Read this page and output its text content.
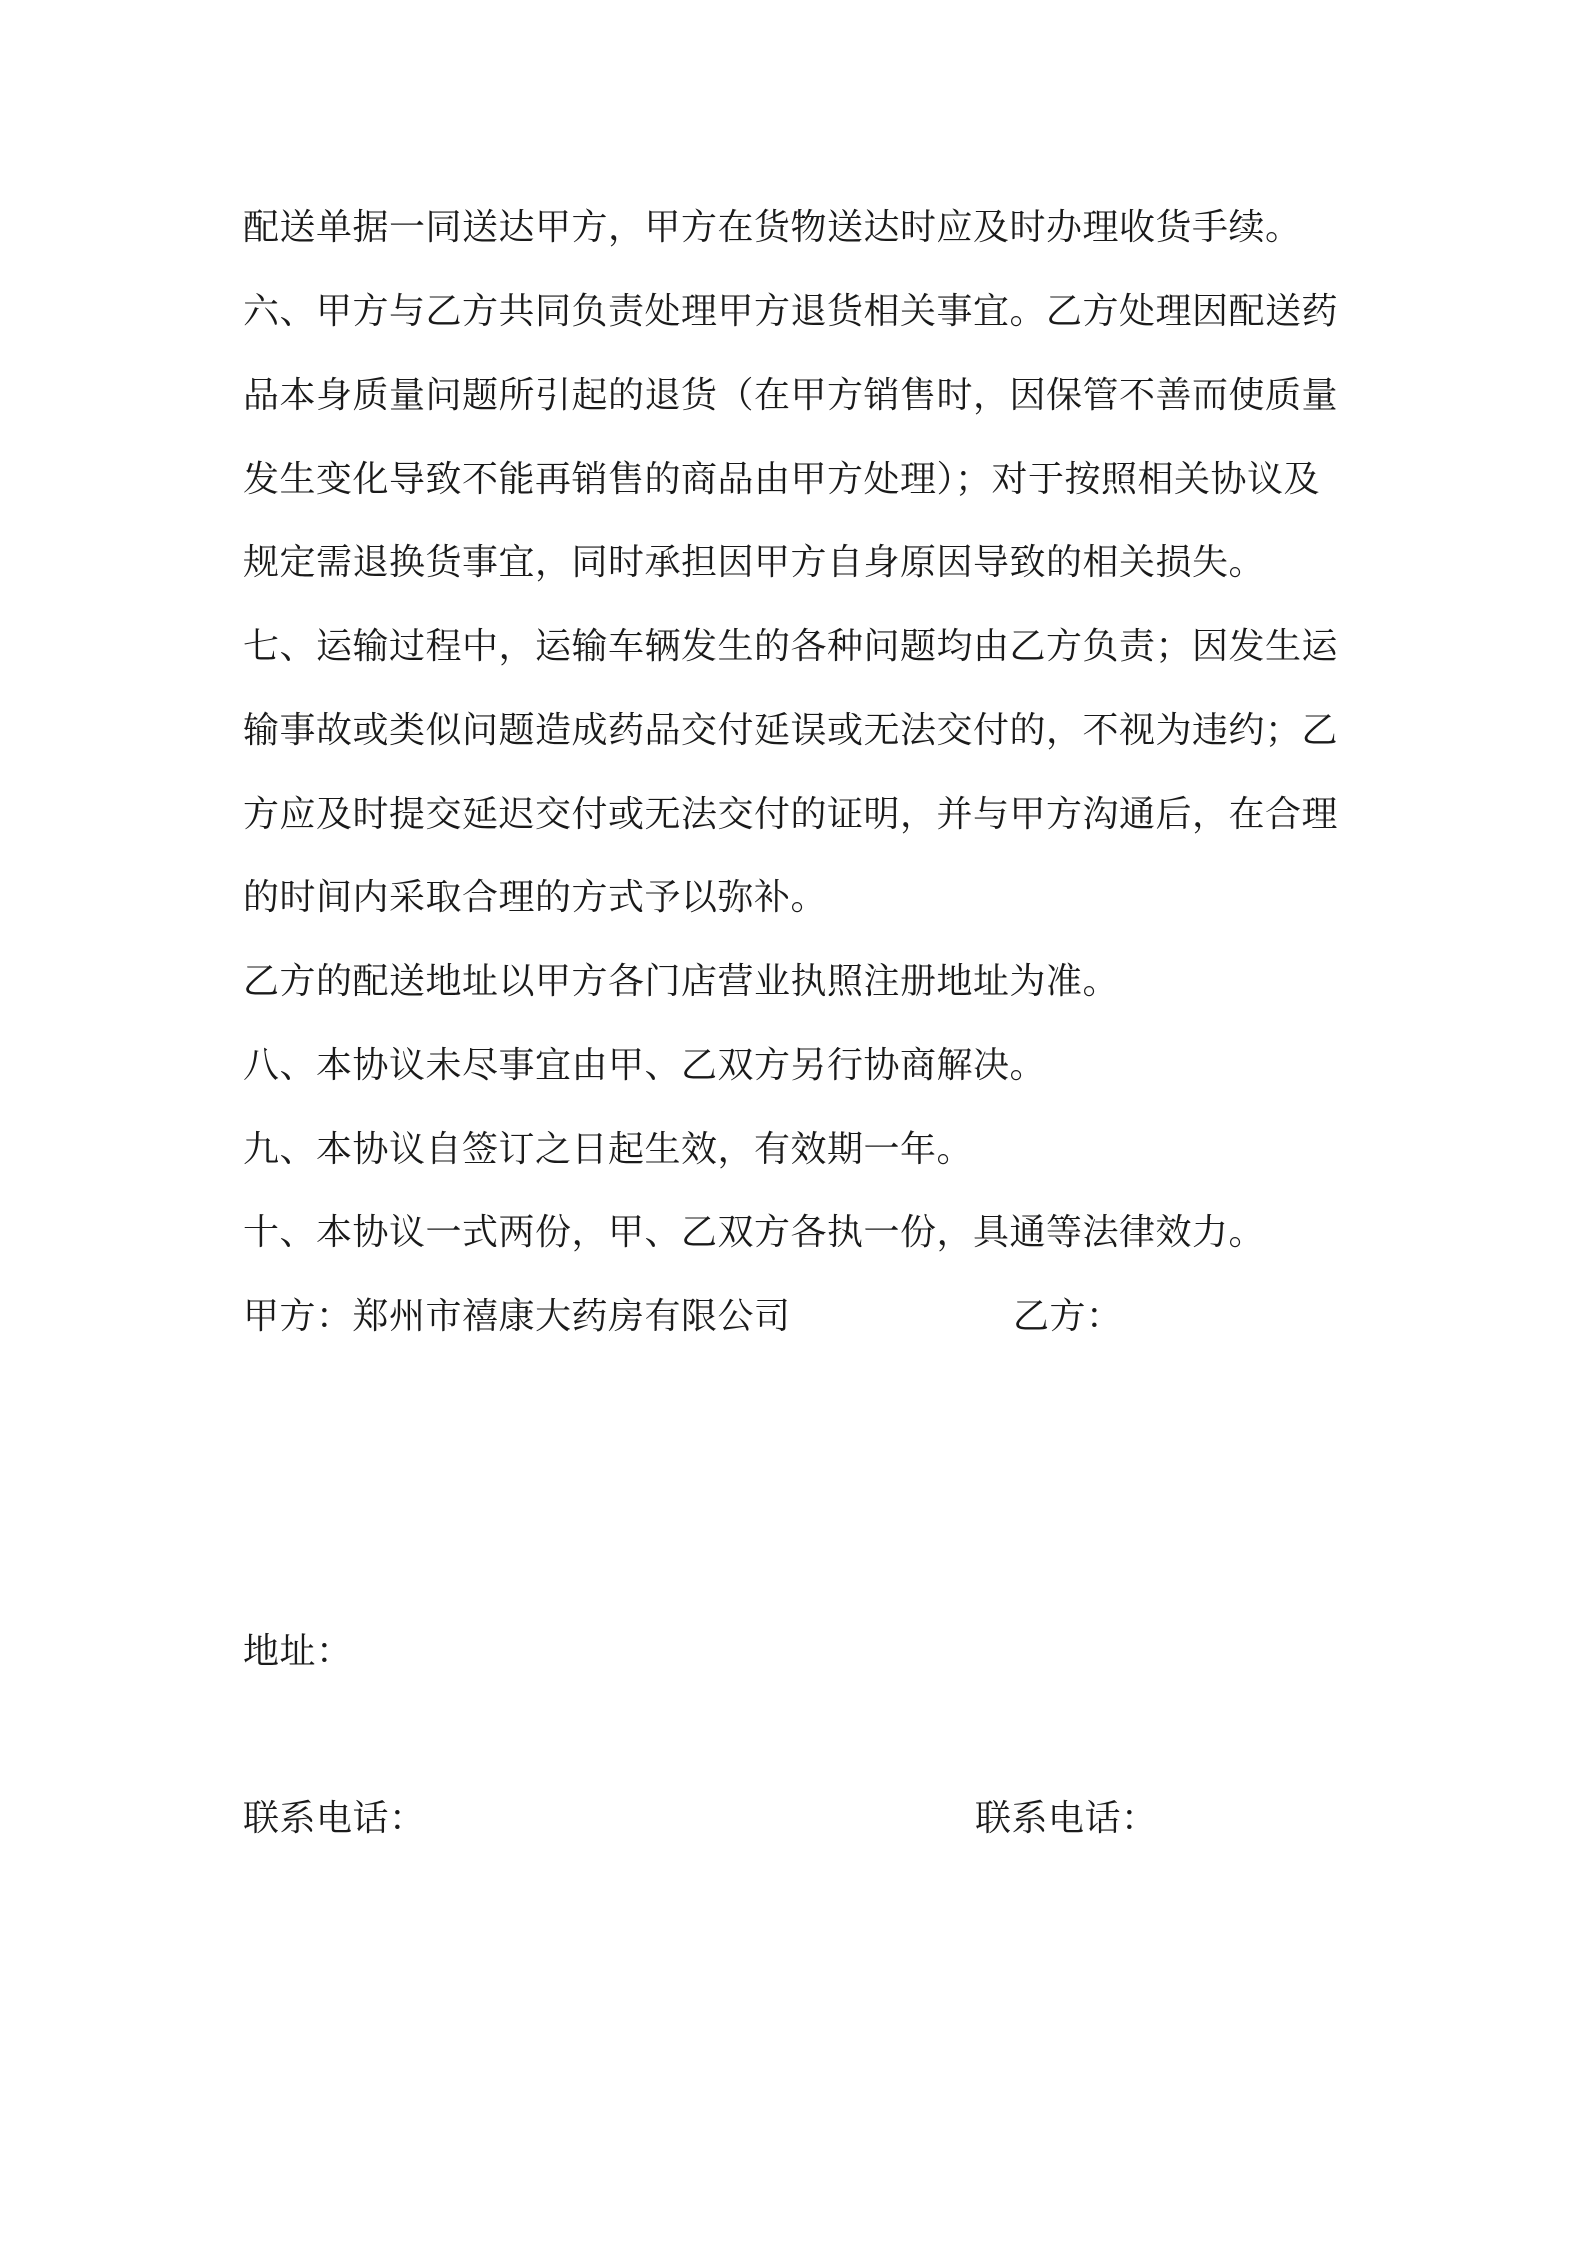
配送单据一同送达甲方，甲方在货物送达时应及时办理收货手续。
六、甲方与乙方共同负责处理甲方退货相关事宜。乙方处理因配送药
品本身质量问题所引起的退货（在甲方销售时，因保管不善而使质量
发生变化导致不能再销售的商品由甲方处理）；对于按照相关协议及
规定需退换货事宜，同时承担因甲方自身原因导致的相关损失。
七、运输过程中，运输车辆发生的各种问题均由乙方负责；因发生运
输事故或类似问题造成药品交付延误或无法交付的，不视为违约；乙
方应及时提交延迟交付或无法交付的证明，并与甲方沟通后，在合理
的时间内采取合理的方式予以弥补。
乙方的配送地址以甲方各门店营业执照注册地址为准。
八、本协议未尽事宜由甲、乙双方另行协商解决。
九、本协议自签订之日起生效，有效期一年。
十、本协议一式两份，甲、乙双方各执一份，具通等法律效力。
甲方：郑州市禧康大药房有限公司	乙方：
地址：
联系电话：	联系电话：
